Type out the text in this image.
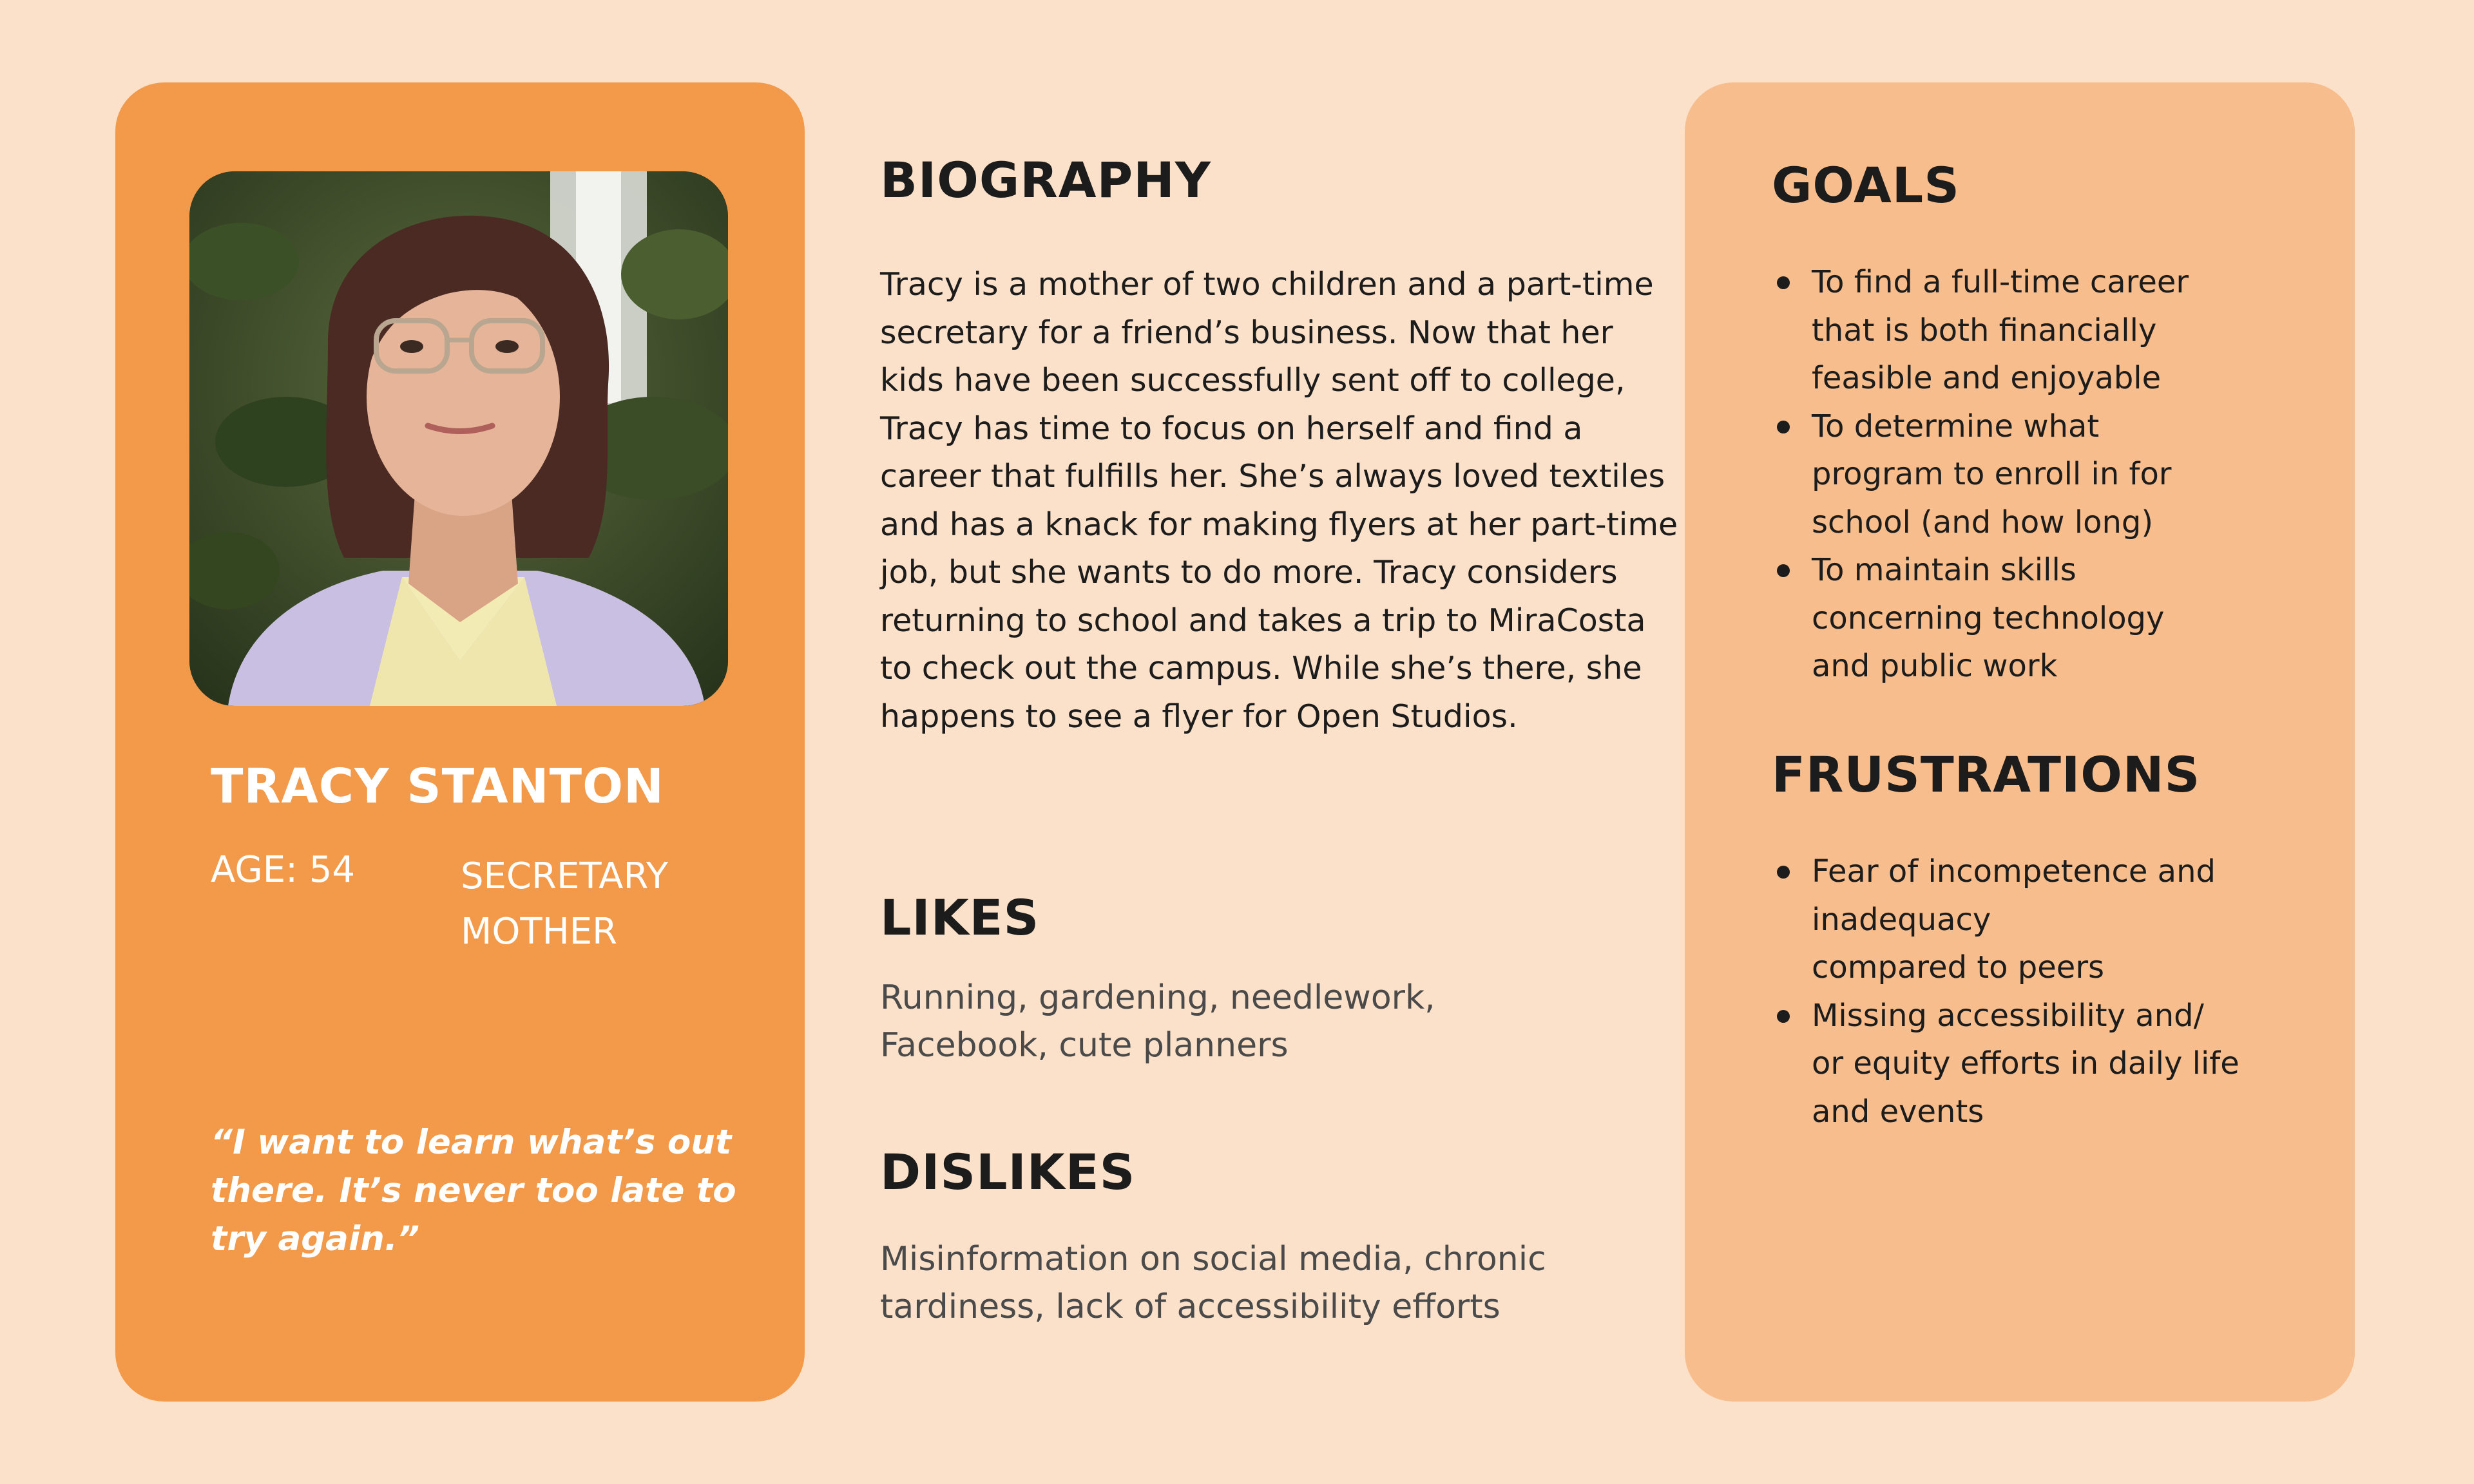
TRACY STANTON
AGE: 54	SECRETARY
MOTHER

“I want to learn what’s out
there. It’s never too late to
try again.”

BIOGRAPHY

Tracy is a mother of two children and a part-time
secretary for a friend’s business. Now that her
kids have been successfully sent off to college,
Tracy has time to focus on herself and find a
career that fulfills her. She’s always loved textiles
and has a knack for making flyers at her part-time
job, but she wants to do more. Tracy considers
returning to school and takes a trip to MiraCosta
to check out the campus. While she’s there, she
happens to see a flyer for Open Studios.

LIKES

Running, gardening, needlework,
Facebook, cute planners

DISLIKES

Misinformation on social media, chronic
tardiness, lack of accessibility efforts

GOALS
To find a full-time career
that is both financially
feasible and enjoyable
To determine what
program to enroll in for
school (and how long)
To maintain skills
concerning technology
and public work
FRUSTRATIONS
Fear of incompetence and
inadequacy
compared to peers
Missing accessibility and/
or equity efforts in daily life
and events
